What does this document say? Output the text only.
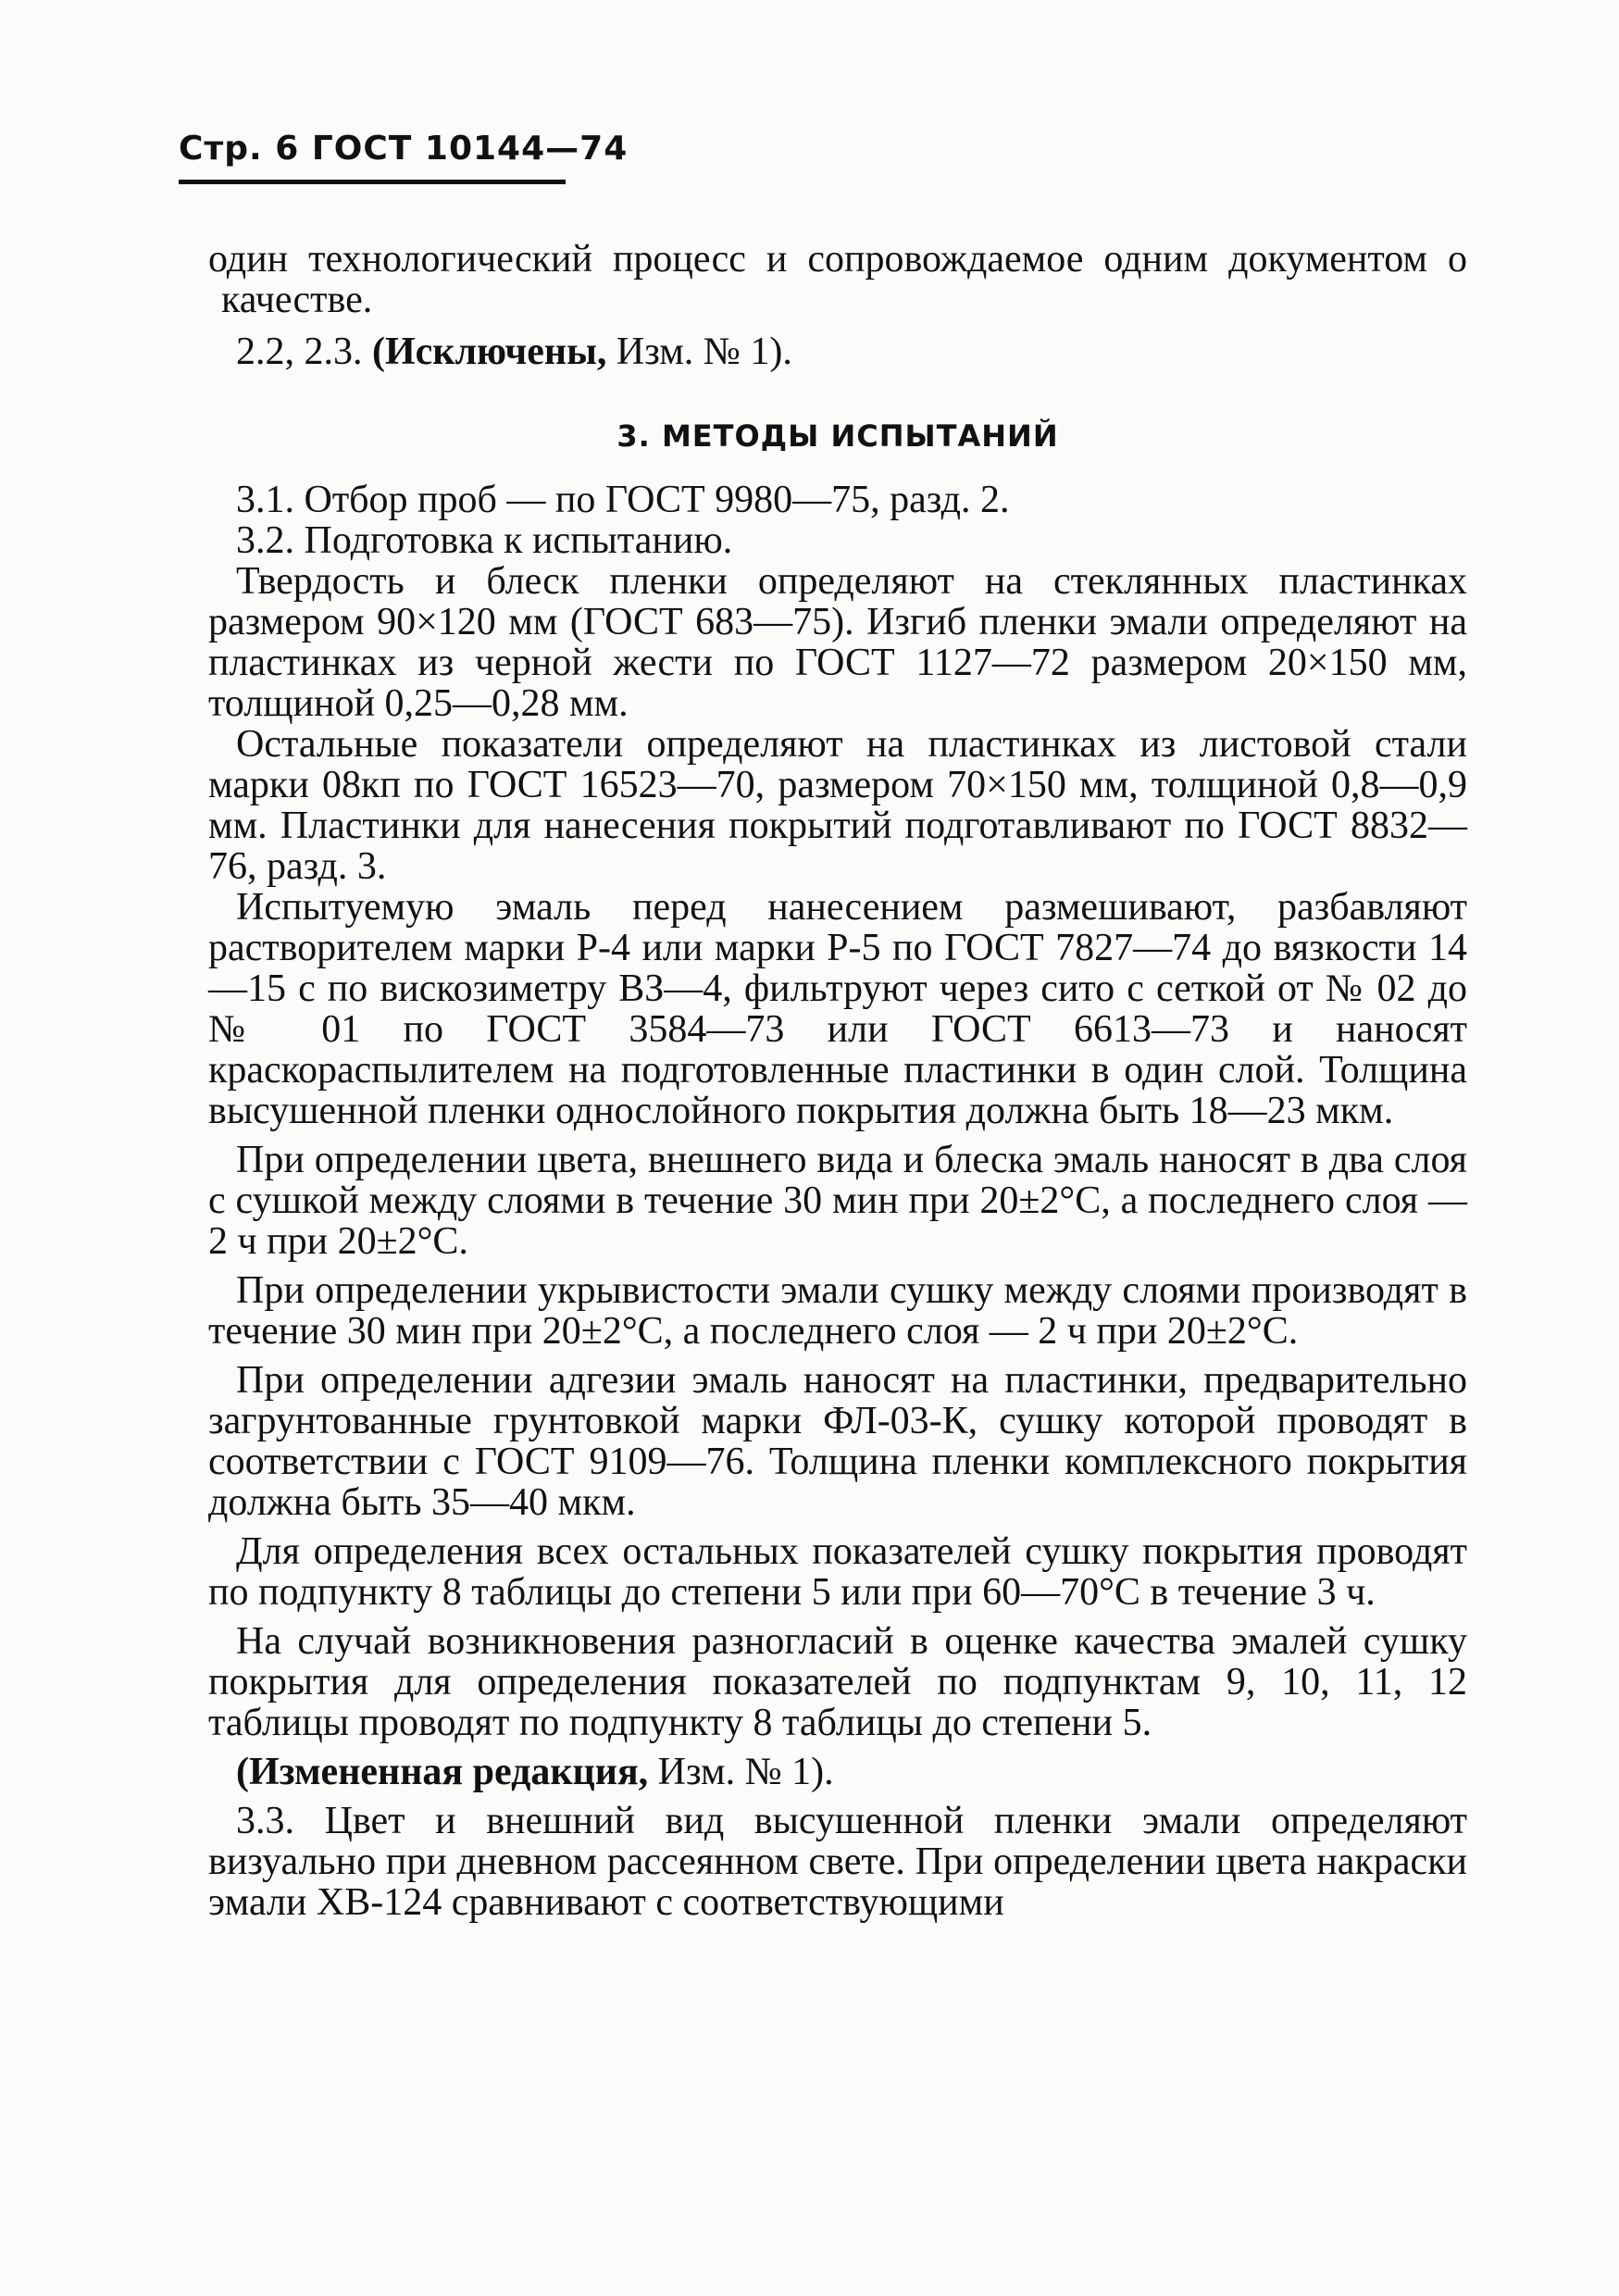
Стр. 6 ГОСТ 10144—74

один технологический процесс и сопровождаемое одним документом о качестве.

2.2, 2.3. (Исключены, Изм. № 1).

3. МЕТОДЫ ИСПЫТАНИЙ

3.1. Отбор проб — по ГОСТ 9980—75, разд. 2.

3.2. Подготовка к испытанию.

Твердость и блеск пленки определяют на стеклянных пластинках размером 90×120 мм (ГОСТ 683—75). Изгиб пленки эмали определяют на пластинках из черной жести по ГОСТ 1127—72 размером 20×150 мм, толщиной 0,25—0,28 мм.

Остальные показатели определяют на пластинках из листовой стали марки 08кп по ГОСТ 16523—70, размером 70×150 мм, толщиной 0,8—0,9 мм. Пластинки для нанесения покрытий подготавливают по ГОСТ 8832—76, разд. 3.

Испытуемую эмаль перед нанесением размешивают, разбавляют растворителем марки Р-4 или марки Р-5 по ГОСТ 7827—74 до вязкости 14—15 с по вискозиметру ВЗ—4, фильтруют через сито с сеткой от № 02 до № 01 по ГОСТ 3584—73 или ГОСТ 6613—73 и наносят краскораспылителем на подготовленные пластинки в один слой. Толщина высушенной пленки однослойного покрытия должна быть 18—23 мкм.

При определении цвета, внешнего вида и блеска эмаль наносят в два слоя с сушкой между слоями в течение 30 мин при 20±2°С, а последнего слоя — 2 ч при 20±2°С.

При определении укрывистости эмали сушку между слоями производят в течение 30 мин при 20±2°С, а последнего слоя — 2 ч при 20±2°С.

При определении адгезии эмаль наносят на пластинки, предварительно загрунтованные грунтовкой марки ФЛ-03-К, сушку которой проводят в соответствии с ГОСТ 9109—76. Толщина пленки комплексного покрытия должна быть 35—40 мкм.

Для определения всех остальных показателей сушку покрытия проводят по подпункту 8 таблицы до степени 5 или при 60—70°С в течение 3 ч.

На случай возникновения разногласий в оценке качества эмалей сушку покрытия для определения показателей по подпунктам 9, 10, 11, 12 таблицы проводят по подпункту 8 таблицы до степени 5.

(Измененная редакция, Изм. № 1).

3.3. Цвет и внешний вид высушенной пленки эмали определяют визуально при дневном рассеянном свете. При определении цвета накраски эмали ХВ-124 сравнивают с соответствующими
